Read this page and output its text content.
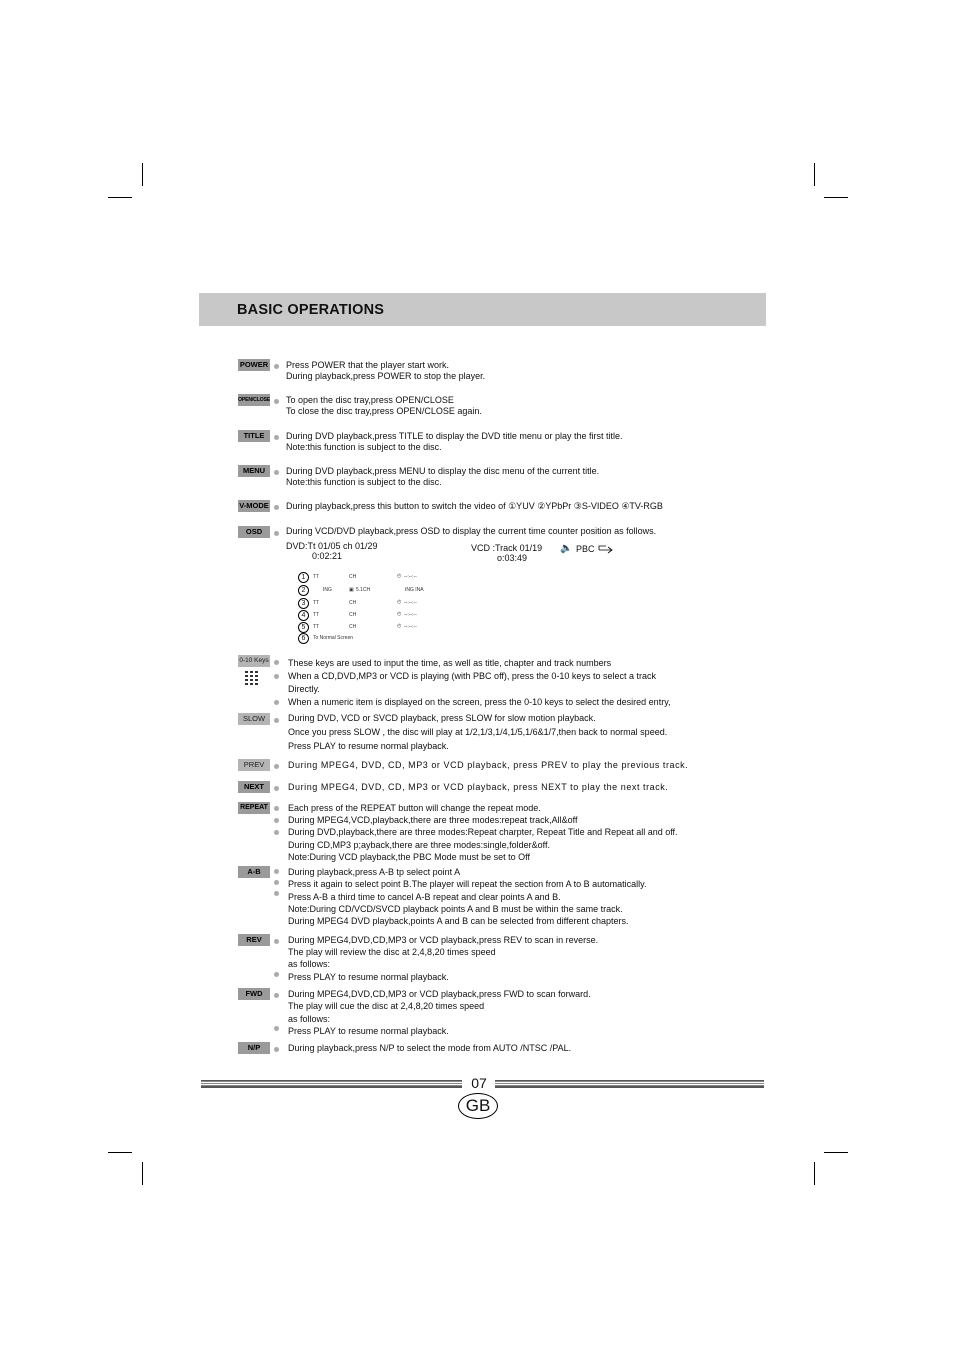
BASIC OPERATIONS
POWER Press POWER that the player start work.
During playback,press POWER to stop the player.
OPEN/CLOSE To open the disc tray,press OPEN/CLOSE
To close the disc tray,press OPEN/CLOSE again.
TITLE	During DVD playback,press TITLE to display the DVD title menu or play the first title.
Note:this function is subject to the disc.
MENU	During DVD playback,press MENU to display the disc menu of the current title.
Note:this function is subject to the disc.
V-MODE During playback,press this button to switch the video of ①YUV ②YPbPr ③S-VIDEO ④TV-RGB
OSD	During VCD/DVD playback,press OSD to display the current time counter position as follows.
DVD:Tt 01/05 ch 01/29
0:02:21
VCD :Track 01/19 🔈 PBC
o:03:49
1	TT	CH	◴ --:--:--
2	ING	▣ 5.1CH	ING INA
3	TT	CH	◴ --:--:--
4	TT	CH	◴ --:--:--
5	TT	CH	◴ --:--:--
6	To Normal Screen
0-10 Keys These keys are used to input the time, as well as title, chapter and track numbers
When a CD,DVD,MP3 or VCD is playing (with PBC off), press the 0-10 keys to select a track
Directly.
When a numeric item is displayed on the screen, press the 0-10 keys to select the desired entry,
SLOW	During DVD, VCD or SVCD playback, press SLOW for slow motion playback.
Once you press SLOW , the disc will play at 1/2,1/3,1/4,1/5,1/6&1/7,then back to normal speed.
Press PLAY to resume normal playback.
PREV	During MPEG4, DVD, CD, MP3 or VCD playback, press PREV to play the previous track.
NEXT	During MPEG4, DVD, CD, MP3 or VCD playback, press NEXT to play the next track.
REPEAT Each press of the REPEAT button will change the repeat mode.
During MPEG4,VCD,playback,there are three modes:repeat track,All&off
During DVD,playback,there are three modes:Repeat charpter, Repeat Title and Repeat all and off.
During CD,MP3 p;ayback,there are three modes:single,folder&off.
Note:During VCD playback,the PBC Mode must be set to Off
A-B	During playback,press A-B tp select point A
Press it again to select point B.The player will repeat the section from A to B automatically.
Press A-B a third time to cancel A-B repeat and clear points A and B.
Note:During CD/VCD/SVCD playback points A and B must be within the same track.
During MPEG4 DVD playback,points A and B can be selected from different chapters.
REV	During MPEG4,DVD,CD,MP3 or VCD playback,press REV to scan in reverse.
The play will review the disc at 2,4,8,20 times speed
as follows:
Press PLAY to resume normal playback.
FWD	During MPEG4,DVD,CD,MP3 or VCD playback,press FWD to scan forward.
The play will cue the disc at 2,4,8,20 times speed
as follows:
Press PLAY to resume normal playback.
N/P	During playback,press N/P to select the mode from AUTO /NTSC /PAL.
07
GB
